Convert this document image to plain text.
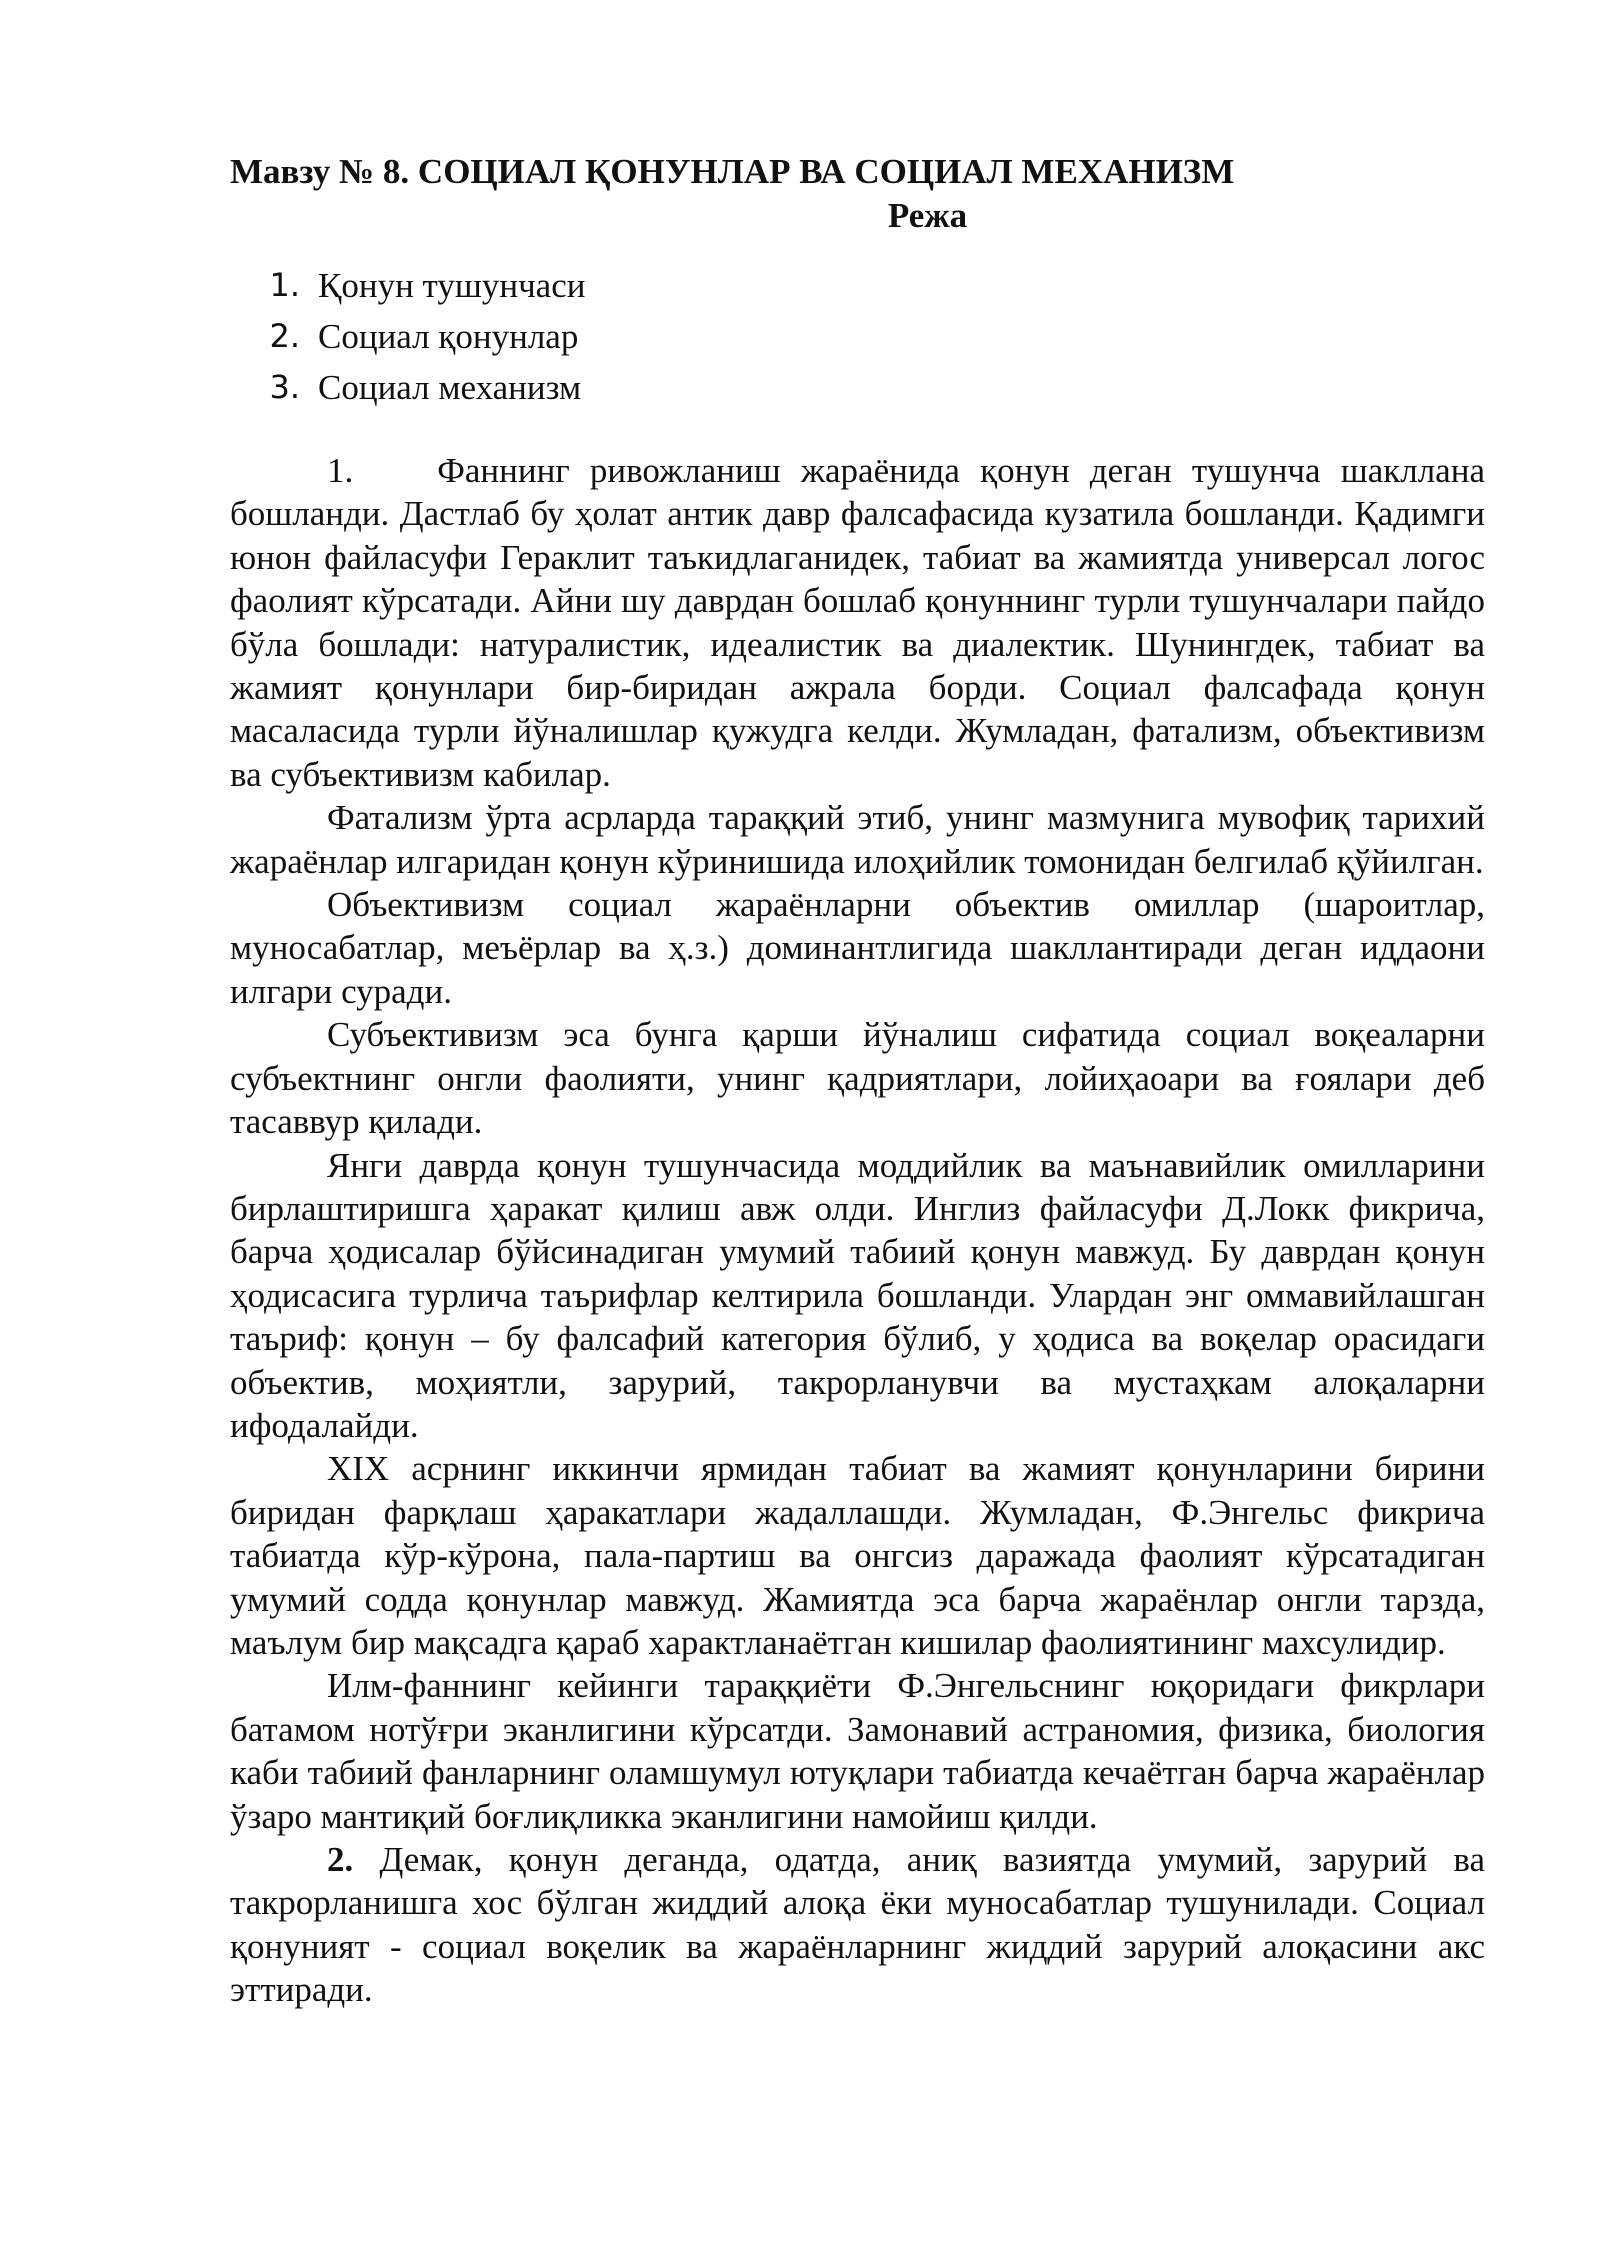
Мавзу № 8. СОЦИАЛ ҚОНУНЛАР ВА СОЦИАЛ МЕХАНИЗМ
Режа
1. Қонун тушунчаси
2. Социал қонунлар
3. Социал механизм

1. Фаннинг ривожланиш жараёнида қонун деган тушунча шакллана бошланди. Дастлаб бу ҳолат антик давр фалсафасида кузатила бошланди. Қадимги юнон файласуфи Гераклит таъкидлаганидек, табиат ва жамиятда универсал логос фаолият кўрсатади. Айни шу даврдан бошлаб қонуннинг турли тушунчалари пайдо бўла бошлади: натуралистик, идеалистик ва диалектик. Шунингдек, табиат ва жамият қонунлари бир-биридан ажрала борди. Социал фалсафада қонун масаласида турли йўналишлар қужудга келди. Жумладан, фатализм, объективизм ва субъективизм кабилар.

Фатализм ўрта асрларда тараққий этиб, унинг мазмунига мувофиқ тарихий жараёнлар илгаридан қонун кўринишида илоҳийлик томонидан белгилаб қўйилган.

Объективизм социал жараёнларни объектив омиллар (шароитлар, муносабатлар, меъёрлар ва ҳ.з.) доминантлигида шакллантиради деган иддаони илгари суради.

Субъективизм эса бунга қарши йўналиш сифатида социал воқеаларни субъектнинг онгли фаолияти, унинг қадриятлари, лойиҳаоари ва ғоялари деб тасаввур қилади.

Янги даврда қонун тушунчасида моддийлик ва маънавийлик омилларини бирлаштиришга ҳаракат қилиш авж олди. Инглиз файласуфи Д.Локк фикрича, барча ҳодисалар бўйсинадиган умумий табиий қонун мавжуд. Бу даврдан қонун ҳодисасига турлича таърифлар келтирила бошланди. Улардан энг оммавийлашган таъриф: қонун – бу фалсафий категория бўлиб, у ҳодиса ва воқелар орасидаги объектив, моҳиятли, зарурий, такрорланувчи ва мустаҳкам алоқаларни ифодалайди.

XIX асрнинг иккинчи ярмидан табиат ва жамият қонунларини бирини биридан фарқлаш ҳаракатлари жадаллашди. Жумладан, Ф.Энгельс фикрича табиатда кўр-кўрона, пала-партиш ва онгсиз даражада фаолият кўрсатадиган умумий содда қонунлар мавжуд. Жамиятда эса барча жараёнлар онгли тарзда, маълум бир мақсадга қараб характланаётган кишилар фаолиятининг махсулидир.

Илм-фаннинг кейинги тараққиёти Ф.Энгельснинг юқоридаги фикрлари батамом нотўғри эканлигини кўрсатди. Замонавий астраномия, физика, биология каби табиий фанларнинг оламшумул ютуқлари табиатда кечаётган барча жараёнлар ўзаро мантиқий боғлиқликка эканлигини намойиш қилди.

2. Демак, қонун деганда, одатда, аниқ вазиятда умумий, зарурий ва такрорланишга хос бўлган жиддий алоқа ёки муносабатлар тушунилади. Социал қонуният - социал воқелик ва жараёнларнинг жиддий зарурий алоқасини акс эттиради.
